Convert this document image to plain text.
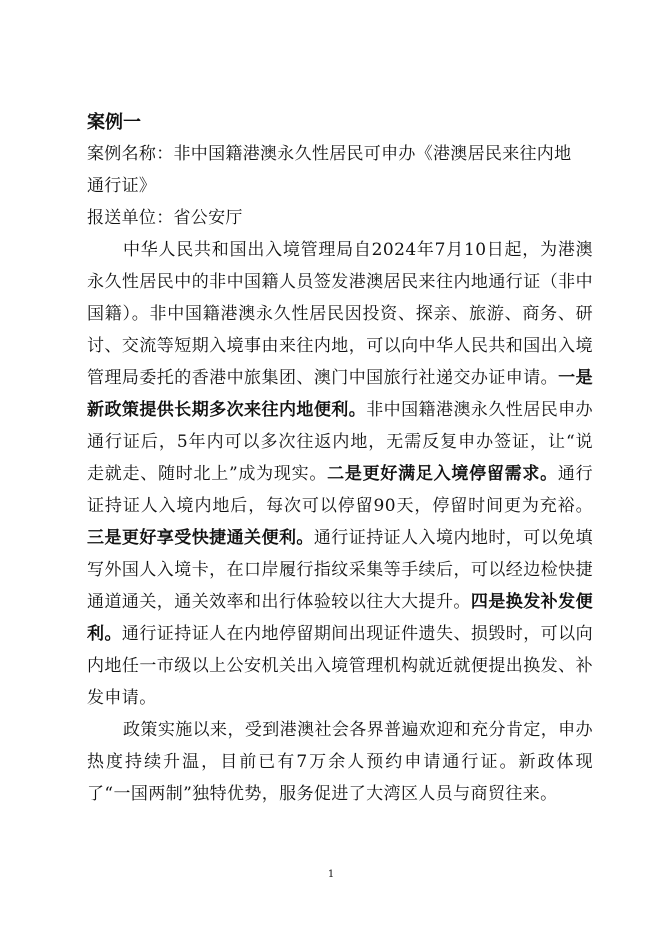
案例一

案例名称：非中国籍港澳永久性居民可申办《港澳居民来往内地通行证》

报送单位：省公安厅

中华人民共和国出入境管理局自2024年7月10日起，为港澳永久性居民中的非中国籍人员签发港澳居民来往内地通行证（非中国籍）。非中国籍港澳永久性居民因投资、探亲、旅游、商务、研讨、交流等短期入境事由来往内地，可以向中华人民共和国出入境管理局委托的香港中旅集团、澳门中国旅行社递交办证申请。一是新政策提供长期多次来往内地便利。非中国籍港澳永久性居民申办通行证后，5年内可以多次往返内地，无需反复申办签证，让“说走就走、随时北上”成为现实。二是更好满足入境停留需求。通行证持证人入境内地后，每次可以停留90天，停留时间更为充裕。三是更好享受快捷通关便利。通行证持证人入境内地时，可以免填写外国人入境卡，在口岸履行指纹采集等手续后，可以经边检快捷通道通关，通关效率和出行体验较以往大大提升。四是换发补发便利。通行证持证人在内地停留期间出现证件遗失、损毁时，可以向内地任一市级以上公安机关出入境管理机构就近就便提出换发、补发申请。

政策实施以来，受到港澳社会各界普遍欢迎和充分肯定，申办热度持续升温，目前已有7万余人预约申请通行证。新政体现了“一国两制”独特优势，服务促进了大湾区人员与商贸往来。

1
